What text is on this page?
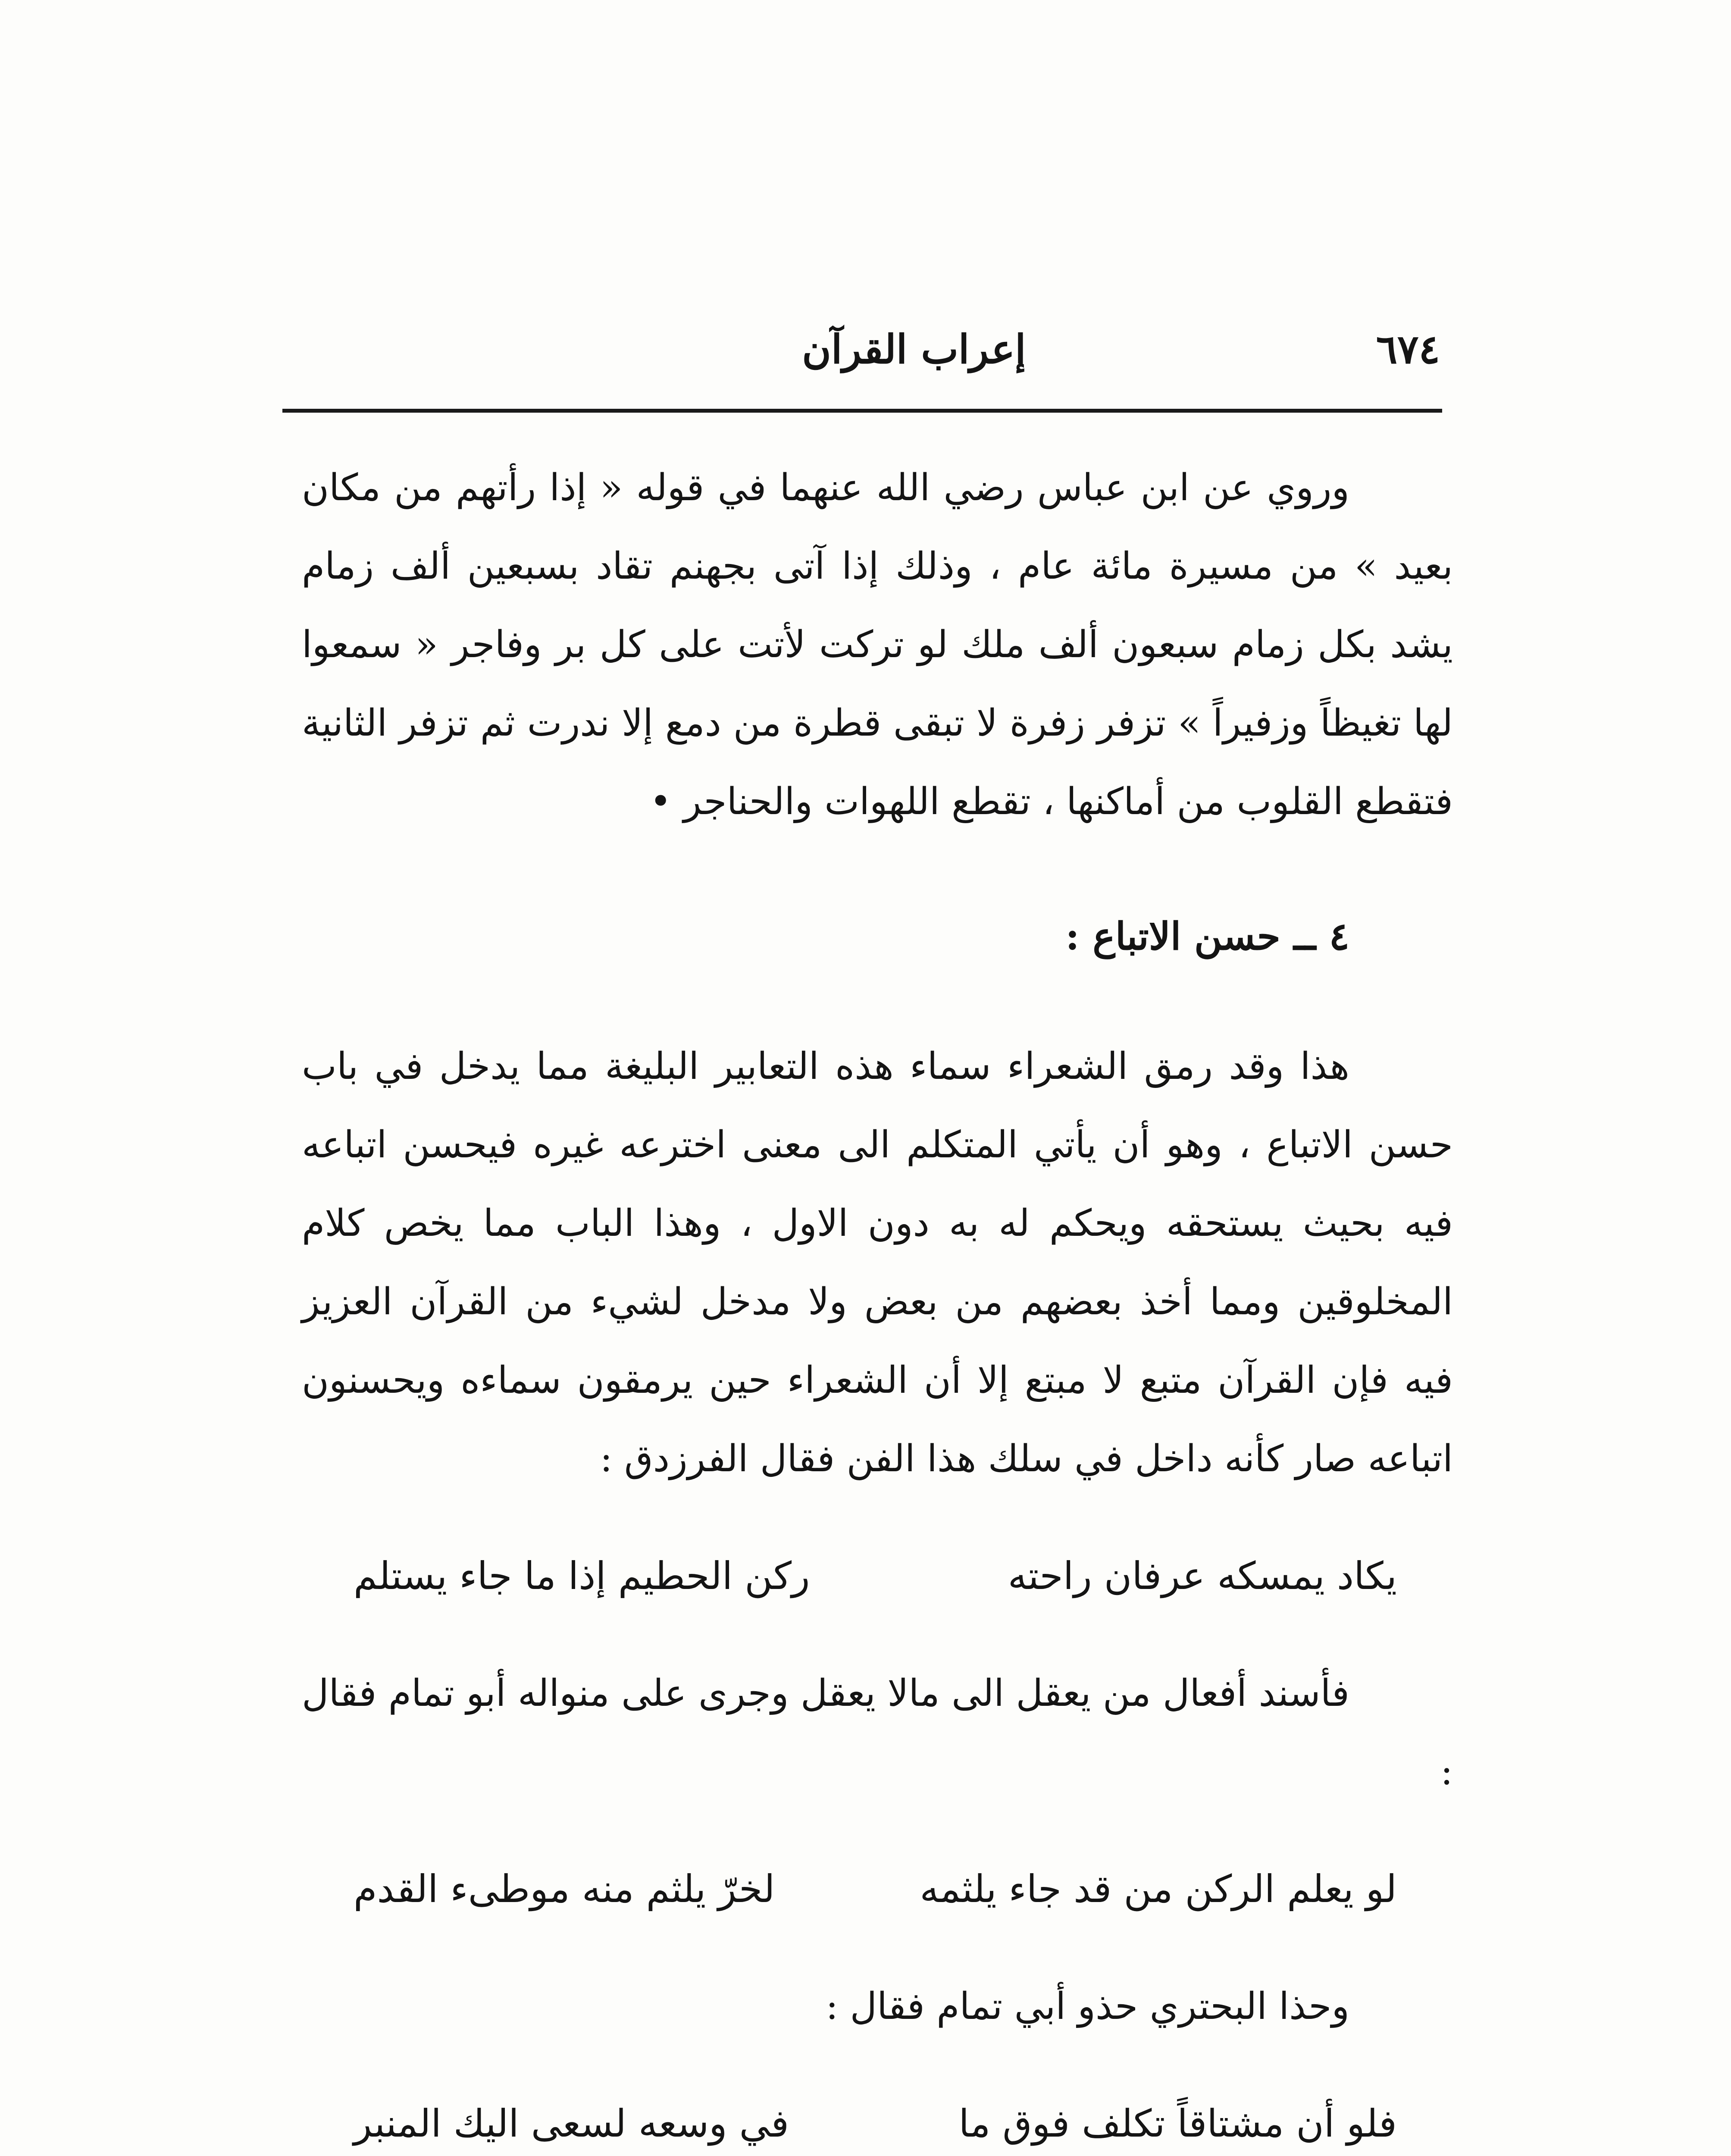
٦٧٤
إعراب القرآن

وروي عن ابن عباس رضي الله عنهما في قوله « إذا رأتهم من مكان بعيد » من مسيرة مائة عام ، وذلك إذا آتى بجهنم تقاد بسبعين ألف زمام يشد بكل زمام سبعون ألف ملك لو تركت لأتت على كل بر وفاجر « سمعوا لها تغيظاً وزفيراً » تزفر زفرة لا تبقى قطرة من دمع إلا ندرت ثم تزفر الثانية فتقطع القلوب من أماكنها ، تقطع اللهوات والحناجر •

٤ ــ حسن الاتباع :

هذا وقد رمق الشعراء سماء هذه التعابير البليغة مما يدخل في باب حسن الاتباع ، وهو أن يأتي المتكلم الى معنى اخترعه غيره فيحسن اتباعه فيه بحيث يستحقه ويحكم له به دون الاول ، وهذا الباب مما يخص كلام المخلوقين ومما أخذ بعضهم من بعض ولا مدخل لشيء من القرآن العزيز فيه فإن القرآن متبع لا مبتع إلا أن الشعراء حين يرمقون سماءه ويحسنون اتباعه صار كأنه داخل في سلك هذا الفن فقال الفرزدق :

يكاد يمسكه عرفان راحته
ركن الحطيم إذا ما جاء يستلم

فأسند أفعال من يعقل الى مالا يعقل وجرى على منواله أبو تمام فقال :

لو يعلم الركن من قد جاء يلثمه
لخرّ يلثم منه موطىء القدم

وحذا البحتري حذو أبي تمام فقال :

فلو أن مشتاقاً تكلف فوق ما
في وسعه لسعى اليك المنبر
